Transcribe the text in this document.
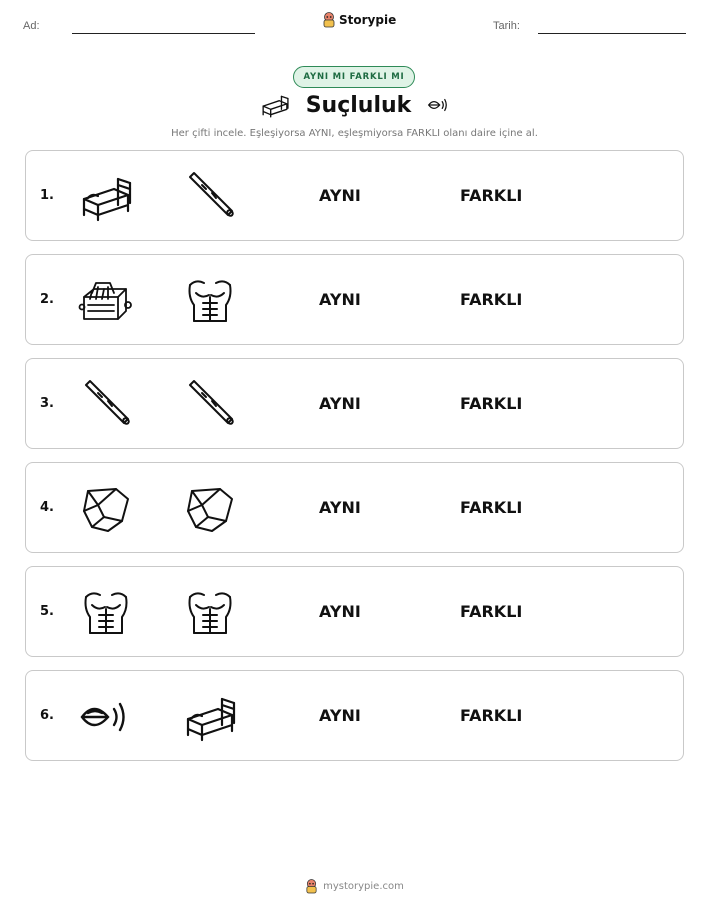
Ad:	Storypie	Tarih:
AYNI MI FARKLI MI
Suçluluk
Her çifti incele. Eşleşiyorsa AYNI, eşleşmiyorsa FARKLI olanı daire içine al.
1.	AYNI	FARKLI
2.	AYNI	FARKLI
3.	AYNI	FARKLI
4.	AYNI	FARKLI
5.	AYNI	FARKLI
6.	AYNI	FARKLI
mystorypie.com
